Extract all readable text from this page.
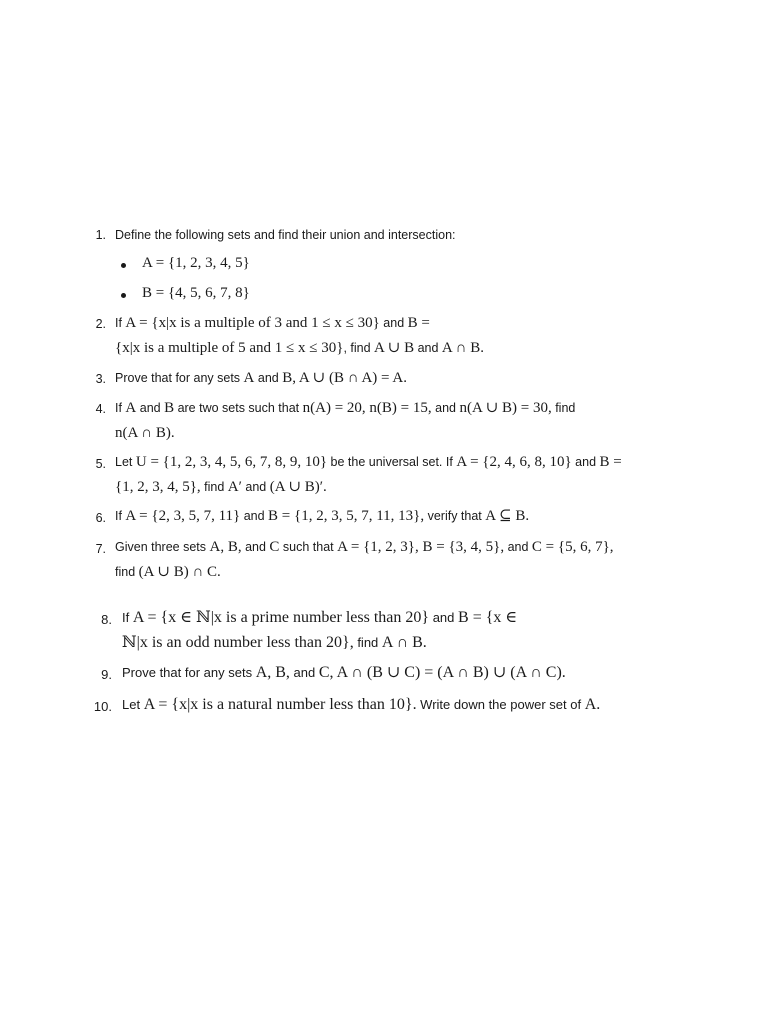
1. Define the following sets and find their union and intersection:
A = {1, 2, 3, 4, 5}
B = {4, 5, 6, 7, 8}
2. If A = {x|x is a multiple of 3 and 1 ≤ x ≤ 30} and B =
{x|x is a multiple of 5 and 1 ≤ x ≤ 30}, find A ∪ B and A ∩ B.
3. Prove that for any sets A and B, A ∪ (B ∩ A) = A.
4. If A and B are two sets such that n(A) = 20, n(B) = 15, and n(A ∪ B) = 30, find
n(A ∩ B).
5. Let U = {1, 2, 3, 4, 5, 6, 7, 8, 9, 10} be the universal set. If A = {2, 4, 6, 8, 10} and B =
{1, 2, 3, 4, 5}, find A′ and (A ∪ B)′.
6. If A = {2, 3, 5, 7, 11} and B = {1, 2, 3, 5, 7, 11, 13}, verify that A ⊆ B.
7. Given three sets A, B, and C such that A = {1, 2, 3}, B = {3, 4, 5}, and C = {5, 6, 7},
find (A ∪ B) ∩ C.
8. If A = {x ∈ ℕ|x is a prime number less than 20} and B = {x ∈
ℕ|x is an odd number less than 20}, find A ∩ B.
9. Prove that for any sets A, B, and C, A ∩ (B ∪ C) = (A ∩ B) ∪ (A ∩ C).
10. Let A = {x|x is a natural number less than 10}. Write down the power set of A.
